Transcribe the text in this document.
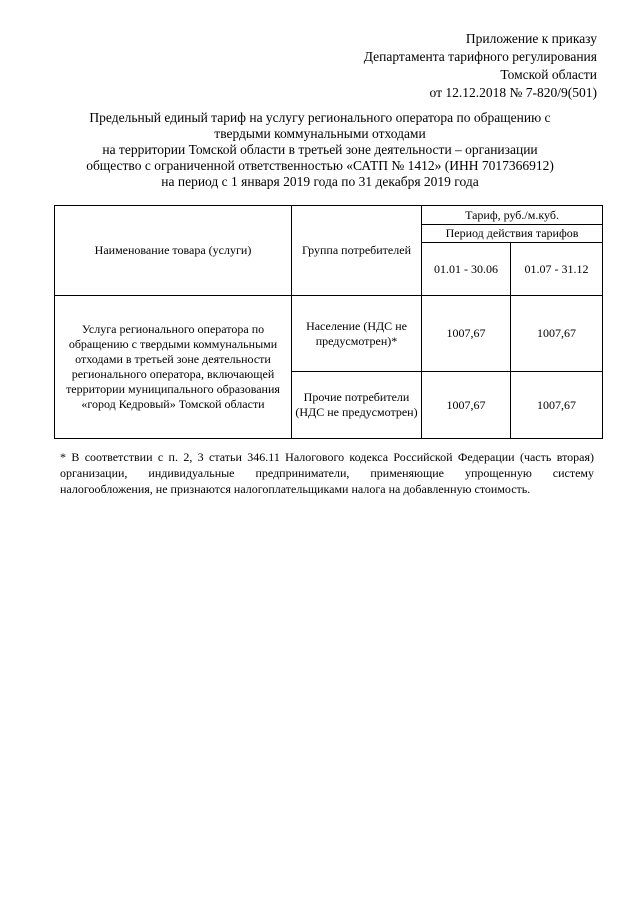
Приложение к приказу
Департамента тарифного регулирования
Томской области
от 12.12.2018 № 7-820/9(501)
Предельный единый тариф на услугу регионального оператора по обращению с
твердыми коммунальными отходами
на территории Томской области в третьей зоне деятельности – организации
общество с ограниченной ответственностью «САТП № 1412» (ИНН 7017366912)
на период с 1 января 2019 года по 31 декабря 2019 года
Наименование товара (услуги)	Группа потребителей	Тариф, руб./м.куб.	
		Период действия тарифов	
		01.01 - 30.06	01.07 - 31.12
Услуга регионального оператора по обращению с твердыми коммунальными отходами в третьей зоне деятельности регионального оператора, включающей территории муниципального образования «город Кедровый» Томской области	Население (НДС не предусмотрен)*	1007,67	1007,67
	Прочие потребители (НДС не предусмотрен)	1007,67	1007,67
* В соответствии с п. 2, 3 статьи 346.11 Налогового кодекса Российской Федерации (часть вторая) организации, индивидуальные предприниматели, применяющие упрощенную систему налогообложения, не признаются налогоплательщиками налога на добавленную стоимость.
